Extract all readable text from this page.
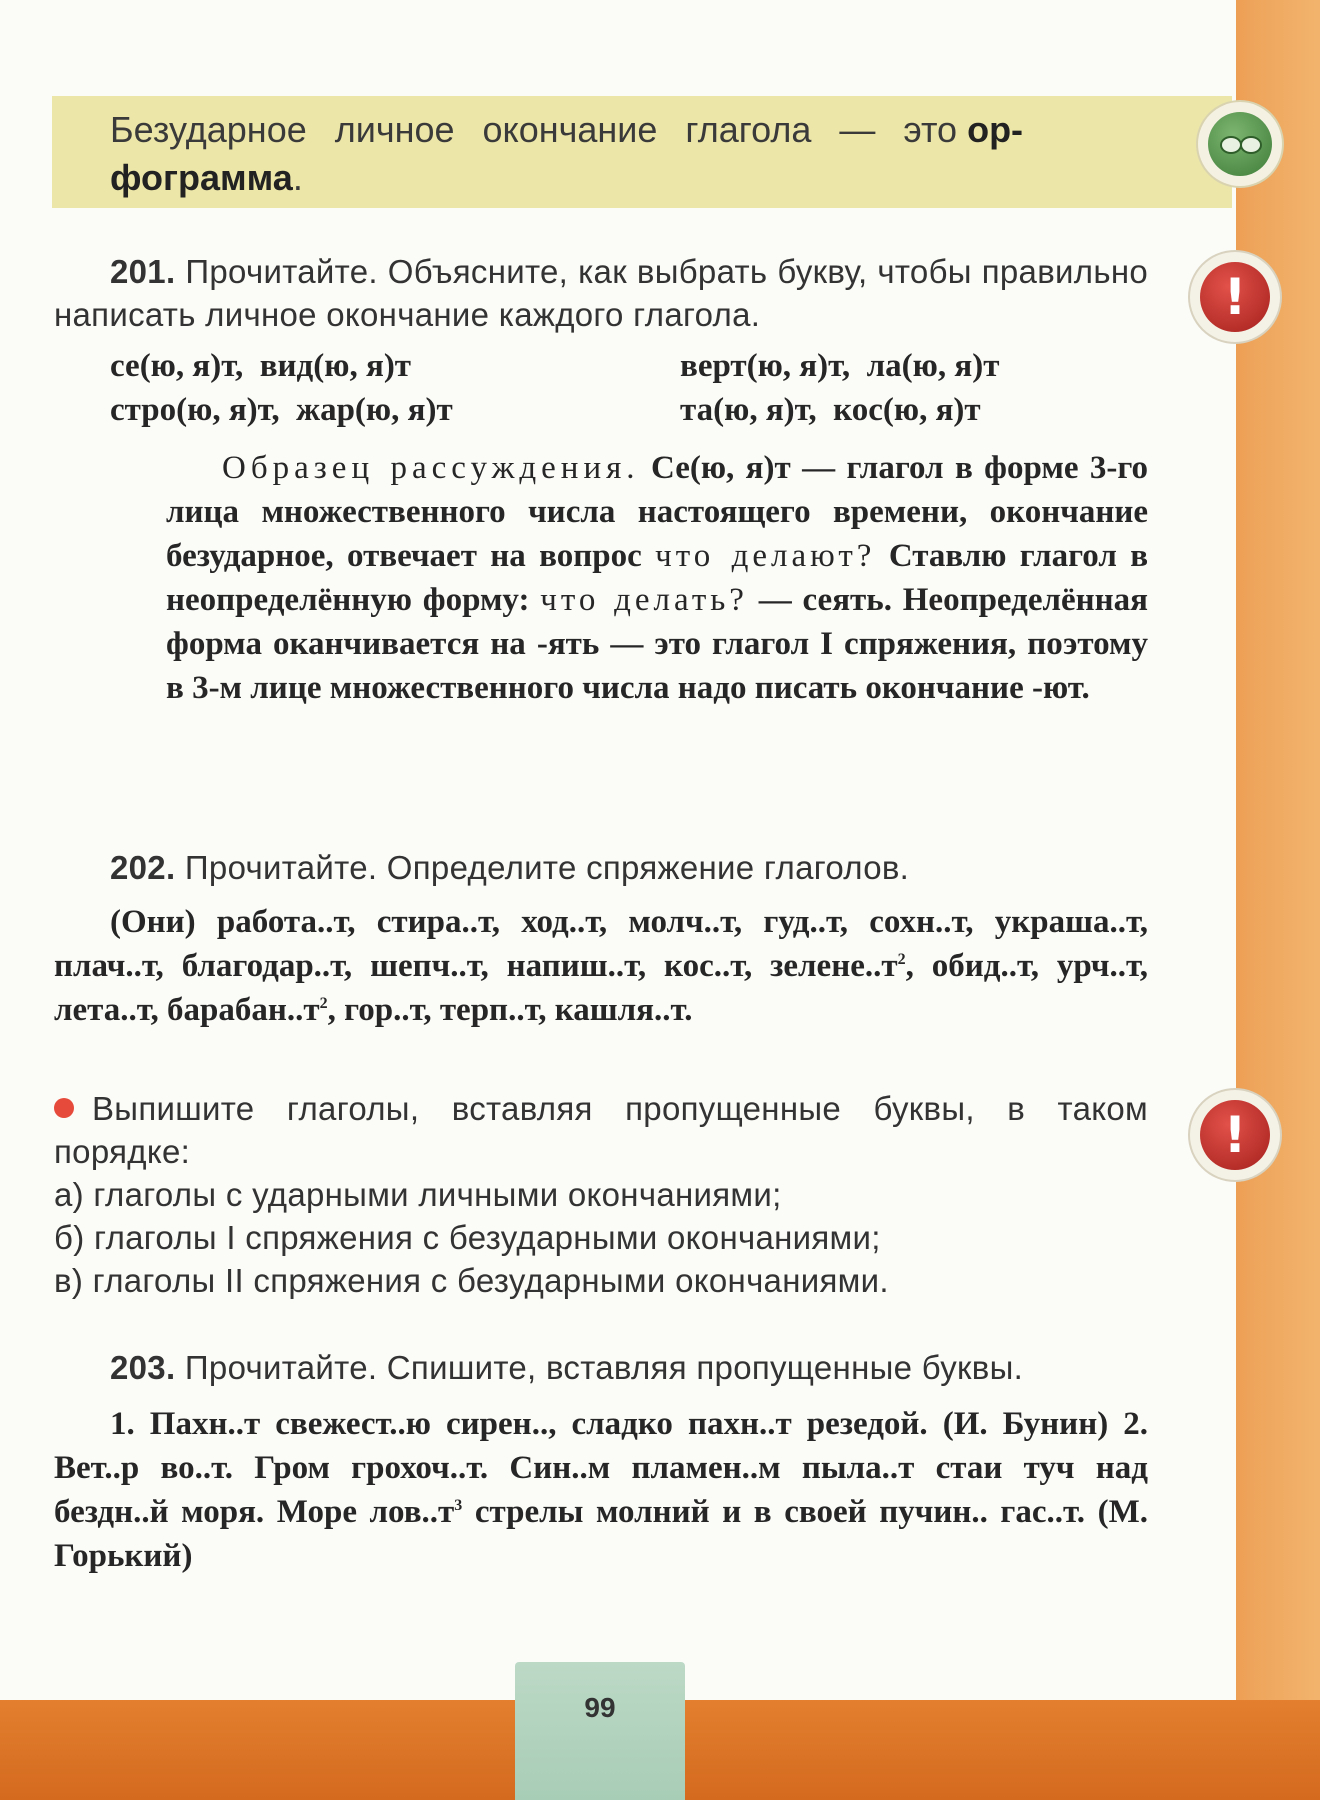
Безударное личное окончание глагола — это ор-
фограмма.
201. Прочитайте. Объясните, как выбрать букву, чтобы правильно написать личное окончание каждого глагола.
се(ю, я)т,  вид(ю, я)т
стро(ю, я)т,  жар(ю, я)т
верт(ю, я)т,  ла(ю, я)т
та(ю, я)т,  кос(ю, я)т
Образец рассуждения. Се(ю, я)т — глагол в форме 3-го лица множественного числа настоящего времени, окончание безударное, отвечает на вопрос что делают? Ставлю глагол в неопределённую форму: что делать? — сеять. Неопределённая форма оканчивается на -ять — это глагол I спряжения, поэтому в 3-м лице множественного числа надо писать окончание -ют.
202. Прочитайте. Определите спряжение глаголов.
(Они) работа..т, стира..т, ход..т, молч..т, гуд..т, сохн..т, украша..т, плач..т, благодар..т, шепч..т, напиш..т, кос..т, $зелене..т^2$, обид..т, урч..т, лета..т, $барабан..т^2$, гор..т, терп..т, кашля..т.
Выпишите глаголы, вставляя пропущенные буквы, в таком порядке:
а) глаголы с ударными личными окончаниями;
б) глаголы I спряжения с безударными окончаниями;
в) глаголы II спряжения с безударными окончаниями.
203. Прочитайте. Спишите, вставляя пропущенные буквы.
1. Пахн..т свежест..ю сирен.., сладко пахн..т резедой. (И. Бунин) 2. Вет..р во..т. Гром грохоч..т. Син..м пламен..м пыла..т стаи туч над бездн..й моря. Море $лов..т^3$ стрелы молний и в своей пучин.. гас..т. (М. Горький)
!
!
99
